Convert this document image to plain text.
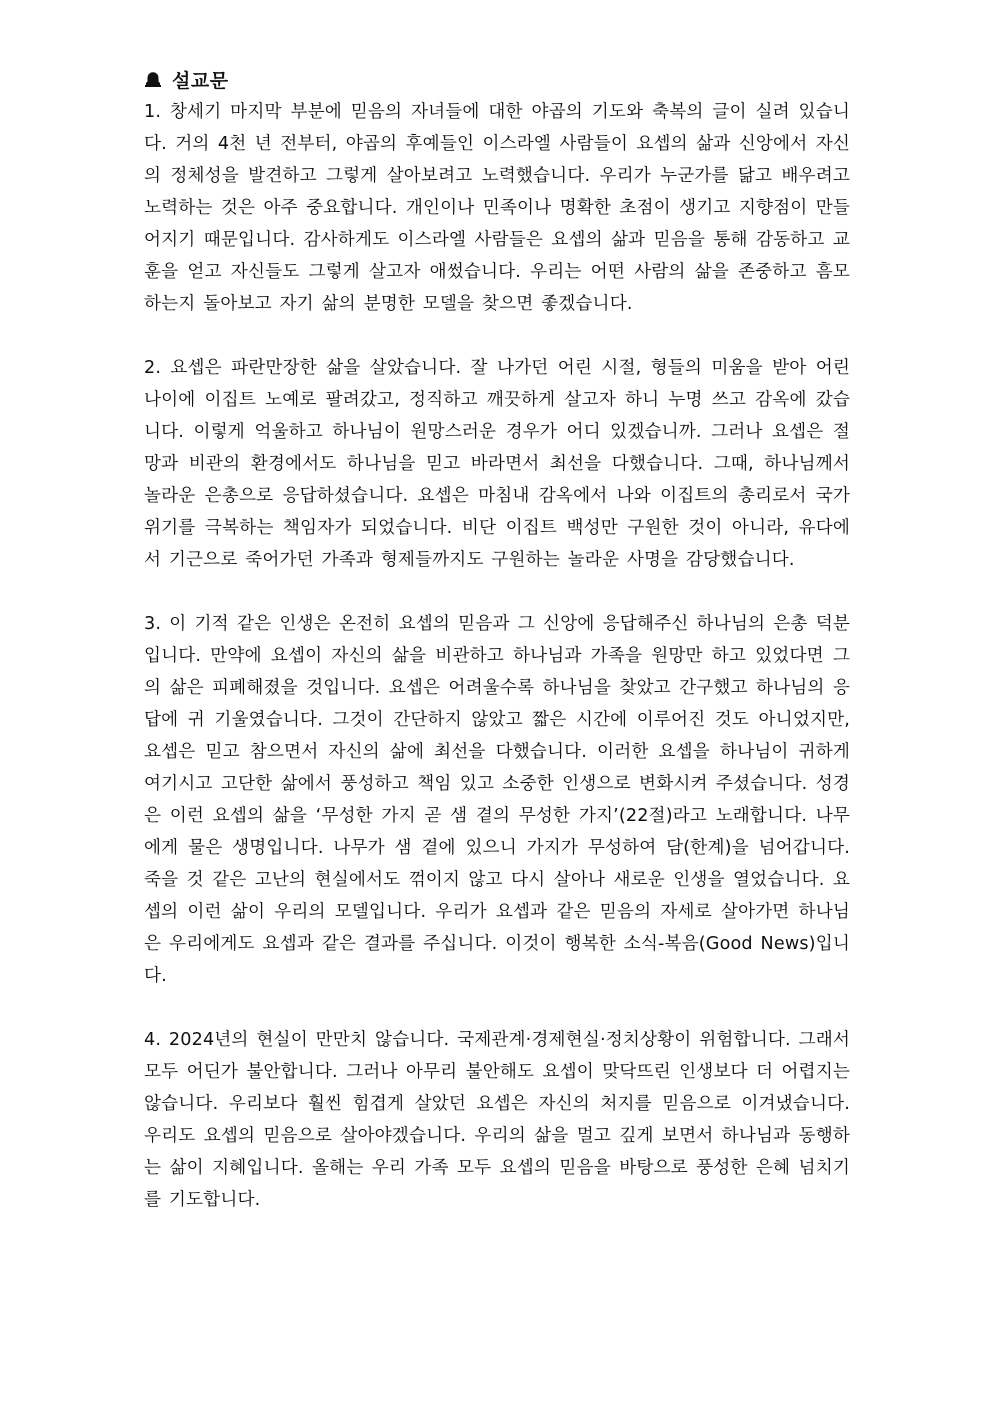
설교문

1. 창세기 마지막 부분에 믿음의 자녀들에 대한 야곱의 기도와 축복의 글이 실려 있습니다. 거의 4천 년 전부터, 야곱의 후예들인 이스라엘 사람들이 요셉의 삶과 신앙에서 자신의 정체성을 발견하고 그렇게 살아보려고 노력했습니다. 우리가 누군가를 닮고 배우려고 노력하는 것은 아주 중요합니다. 개인이나 민족이나 명확한 초점이 생기고 지향점이 만들어지기 때문입니다. 감사하게도 이스라엘 사람들은 요셉의 삶과 믿음을 통해 감동하고 교훈을 얻고 자신들도 그렇게 살고자 애썼습니다. 우리는 어떤 사람의 삶을 존중하고 흠모하는지 돌아보고 자기 삶의 분명한 모델을 찾으면 좋겠습니다.

2. 요셉은 파란만장한 삶을 살았습니다. 잘 나가던 어린 시절, 형들의 미움을 받아 어린 나이에 이집트 노예로 팔려갔고, 정직하고 깨끗하게 살고자 하니 누명 쓰고 감옥에 갔습니다. 이렇게 억울하고 하나님이 원망스러운 경우가 어디 있겠습니까. 그러나 요셉은 절망과 비관의 환경에서도 하나님을 믿고 바라면서 최선을 다했습니다. 그때, 하나님께서 놀라운 은총으로 응답하셨습니다. 요셉은 마침내 감옥에서 나와 이집트의 총리로서 국가 위기를 극복하는 책임자가 되었습니다. 비단 이집트 백성만 구원한 것이 아니라, 유다에서 기근으로 죽어가던 가족과 형제들까지도 구원하는 놀라운 사명을 감당했습니다.

3. 이 기적 같은 인생은 온전히 요셉의 믿음과 그 신앙에 응답해주신 하나님의 은총 덕분입니다. 만약에 요셉이 자신의 삶을 비관하고 하나님과 가족을 원망만 하고 있었다면 그의 삶은 피폐해졌을 것입니다. 요셉은 어려울수록 하나님을 찾았고 간구했고 하나님의 응답에 귀 기울였습니다. 그것이 간단하지 않았고 짧은 시간에 이루어진 것도 아니었지만, 요셉은 믿고 참으면서 자신의 삶에 최선을 다했습니다. 이러한 요셉을 하나님이 귀하게 여기시고 고단한 삶에서 풍성하고 책임 있고 소중한 인생으로 변화시켜 주셨습니다. 성경은 이런 요셉의 삶을 ‘무성한 가지 곧 샘 곁의 무성한 가지’(22절)라고 노래합니다. 나무에게 물은 생명입니다. 나무가 샘 곁에 있으니 가지가 무성하여 담(한계)을 넘어갑니다. 죽을 것 같은 고난의 현실에서도 꺾이지 않고 다시 살아나 새로운 인생을 열었습니다. 요셉의 이런 삶이 우리의 모델입니다. 우리가 요셉과 같은 믿음의 자세로 살아가면 하나님은 우리에게도 요셉과 같은 결과를 주십니다. 이것이 행복한 소식-복음(Good News)입니다.

4. 2024년의 현실이 만만치 않습니다. 국제관계·경제현실·정치상황이 위험합니다. 그래서 모두 어딘가 불안합니다. 그러나 아무리 불안해도 요셉이 맞닥뜨린 인생보다 더 어렵지는 않습니다. 우리보다 훨씬 힘겹게 살았던 요셉은 자신의 처지를 믿음으로 이겨냈습니다. 우리도 요셉의 믿음으로 살아야겠습니다. 우리의 삶을 멀고 깊게 보면서 하나님과 동행하는 삶이 지혜입니다. 올해는 우리 가족 모두 요셉의 믿음을 바탕으로 풍성한 은혜 넘치기를 기도합니다.
